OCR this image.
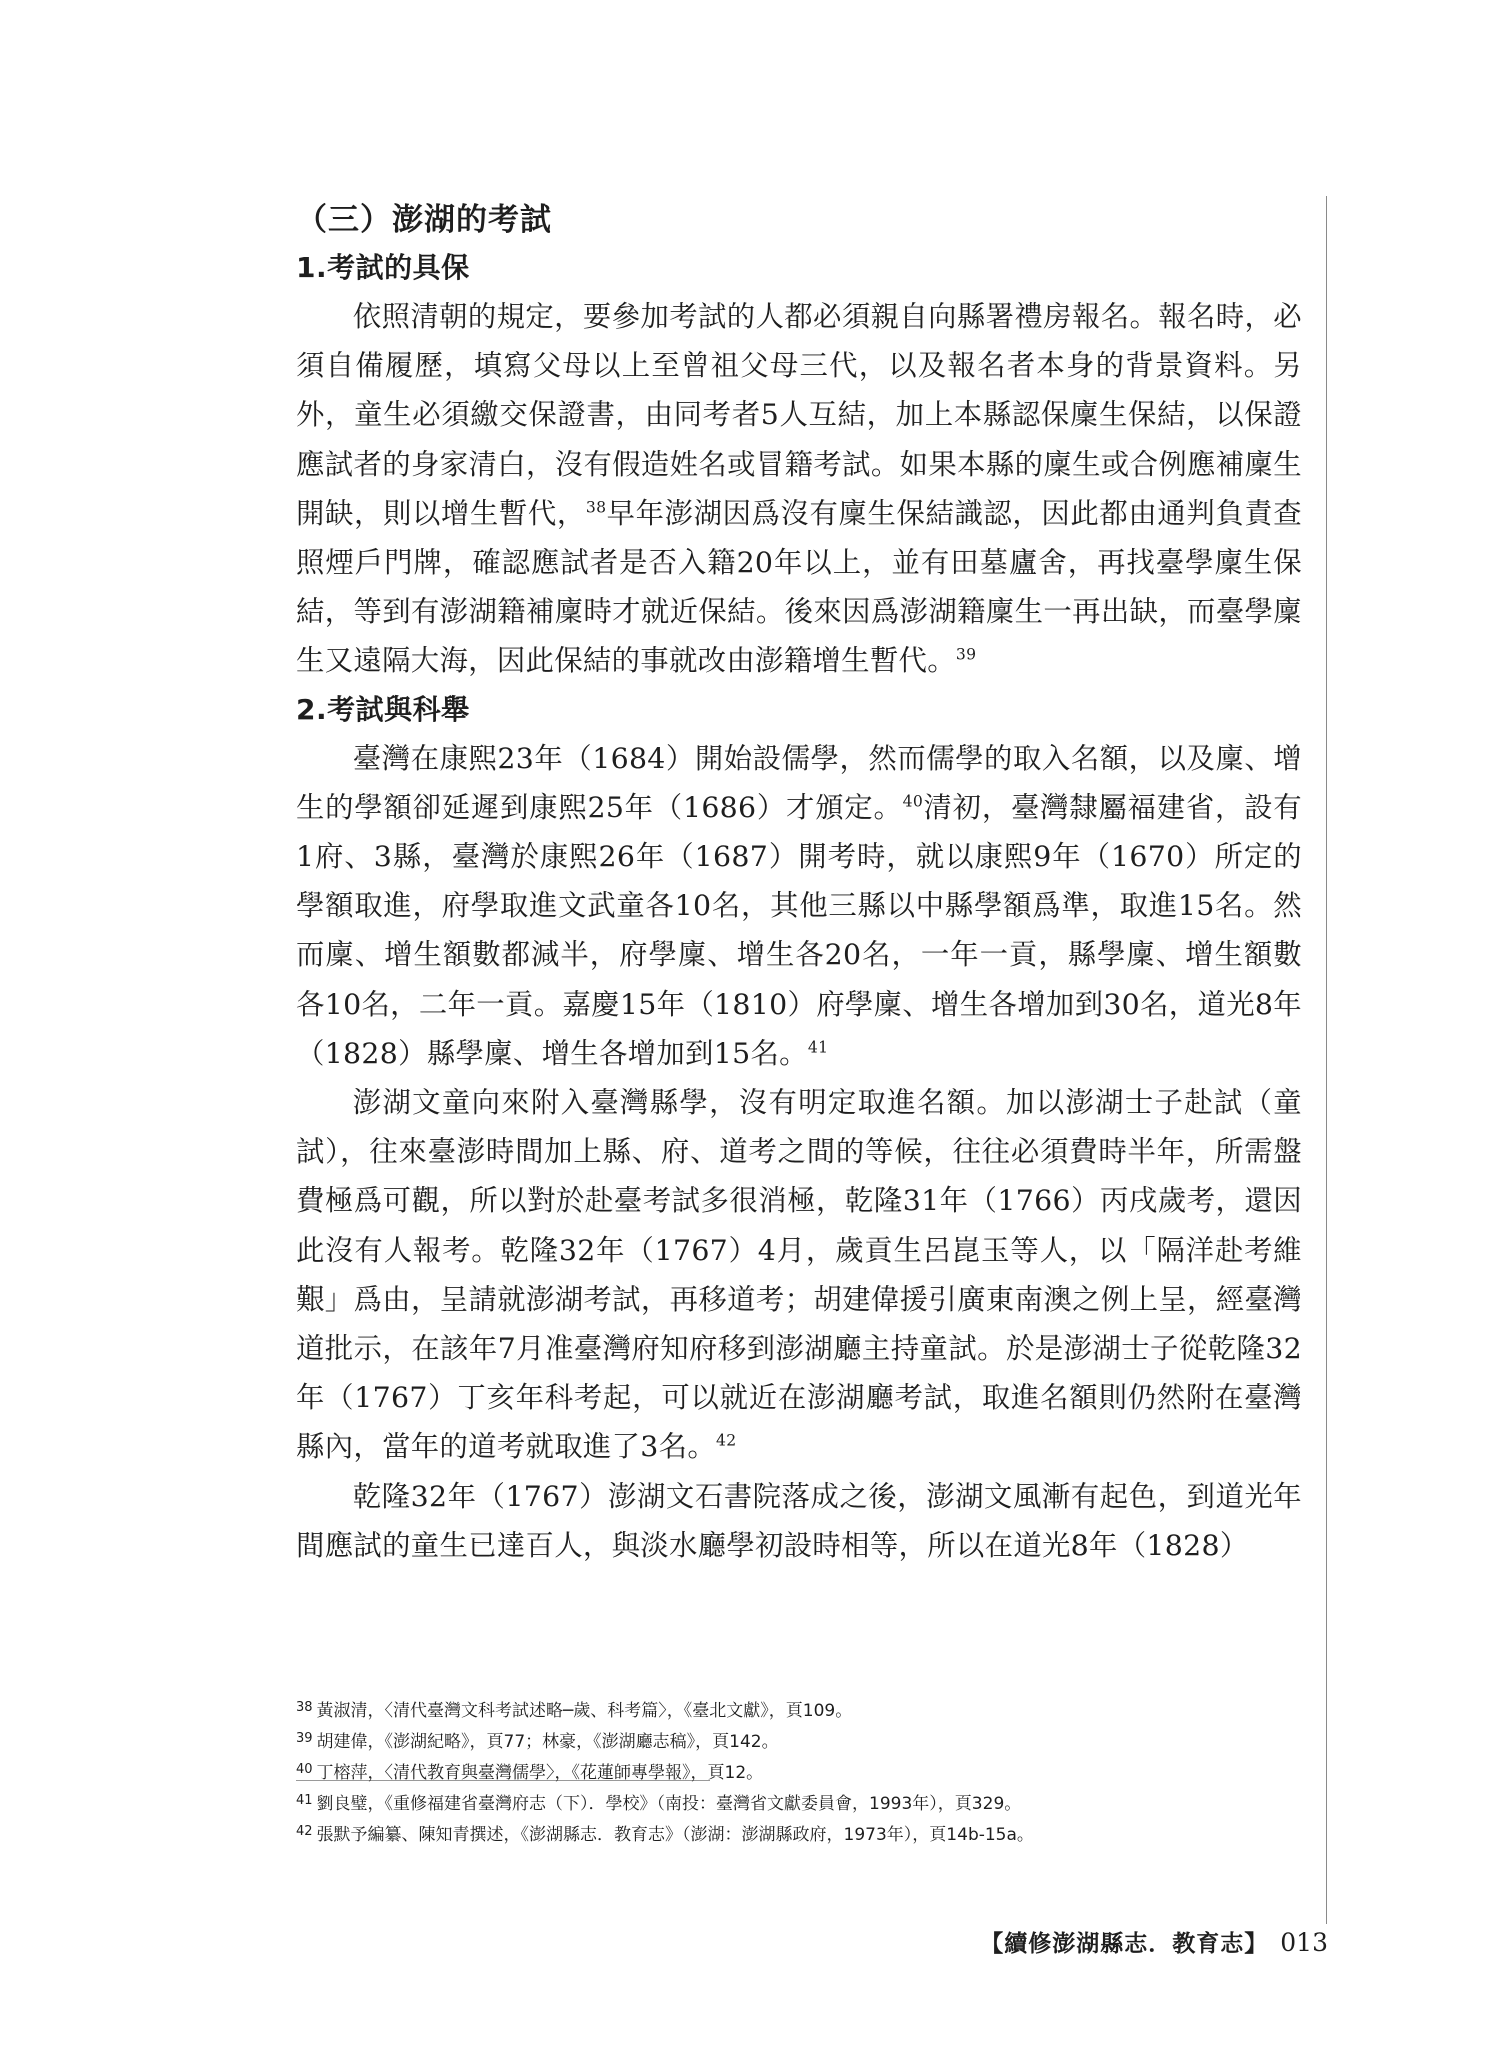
（三）澎湖的考試
1.考試的具保

依照清朝的規定，要參加考試的人都必須親自向縣署禮房報名。報名時，必須自備履歷，填寫父母以上至曾祖父母三代，以及報名者本身的背景資料。另外，童生必須繳交保證書，由同考者5人互結，加上本縣認保廩生保結，以保證應試者的身家清白，沒有假造姓名或冒籍考試。如果本縣的廩生或合例應補廩生開缺，則以增生暫代，$^{38}$早年澎湖因爲沒有廩生保結識認，因此都由通判負責查照煙戶門牌，確認應試者是否入籍20年以上，並有田墓廬舍，再找臺學廩生保結，等到有澎湖籍補廩時才就近保結。後來因爲澎湖籍廩生一再出缺，而臺學廩生又遠隔大海，因此保結的事就改由澎籍增生暫代。$^{39}$

2.考試與科舉

臺灣在康熙23年（1684）開始設儒學，然而儒學的取入名額，以及廩、增生的學額卻延遲到康熙25年（1686）才頒定。$^{40}$清初，臺灣隸屬福建省，設有1府、3縣，臺灣於康熙26年（1687）開考時，就以康熙9年（1670）所定的學額取進，府學取進文武童各10名，其他三縣以中縣學額爲準，取進15名。然而廩、增生額數都減半，府學廩、增生各20名，一年一貢，縣學廩、增生額數各10名，二年一貢。嘉慶15年（1810）府學廩、增生各增加到30名，道光8年（1828）縣學廩、增生各增加到15名。$^{41}$

澎湖文童向來附入臺灣縣學，沒有明定取進名額。加以澎湖士子赴試（童試），往來臺澎時間加上縣、府、道考之間的等候，往往必須費時半年，所需盤費極爲可觀，所以對於赴臺考試多很消極，乾隆31年（1766）丙戌歲考，還因此沒有人報考。乾隆32年（1767）4月，歲貢生呂崑玉等人，以「隔洋赴考維艱」爲由，呈請就澎湖考試，再移道考；胡建偉援引廣東南澳之例上呈，經臺灣道批示，在該年7月准臺灣府知府移到澎湖廳主持童試。於是澎湖士子從乾隆32年（1767）丁亥年科考起，可以就近在澎湖廳考試，取進名額則仍然附在臺灣縣內，當年的道考就取進了3名。$^{42}$

乾隆32年（1767）澎湖文石書院落成之後，澎湖文風漸有起色，到道光年間應試的童生已達百人，與淡水廳學初設時相等，所以在道光8年（1828）

$^{38}$ 黃淑清，〈清代臺灣文科考試述略─歲、科考篇〉，《臺北文獻》，頁109。

$^{39}$ 胡建偉，《澎湖紀略》，頁77；林豪，《澎湖廳志稿》，頁142。

$^{40}$ 丁榕萍，〈清代教育與臺灣儒學〉，《花蓮師專學報》，頁12。

$^{41}$ 劉良璧，《重修福建省臺灣府志（下）．學校》（南投：臺灣省文獻委員會，1993年），頁329。

$^{42}$ 張默予編纂、陳知青撰述，《澎湖縣志．教育志》（澎湖：澎湖縣政府，1973年），頁14b-15a。

【續修澎湖縣志．教育志】 013
